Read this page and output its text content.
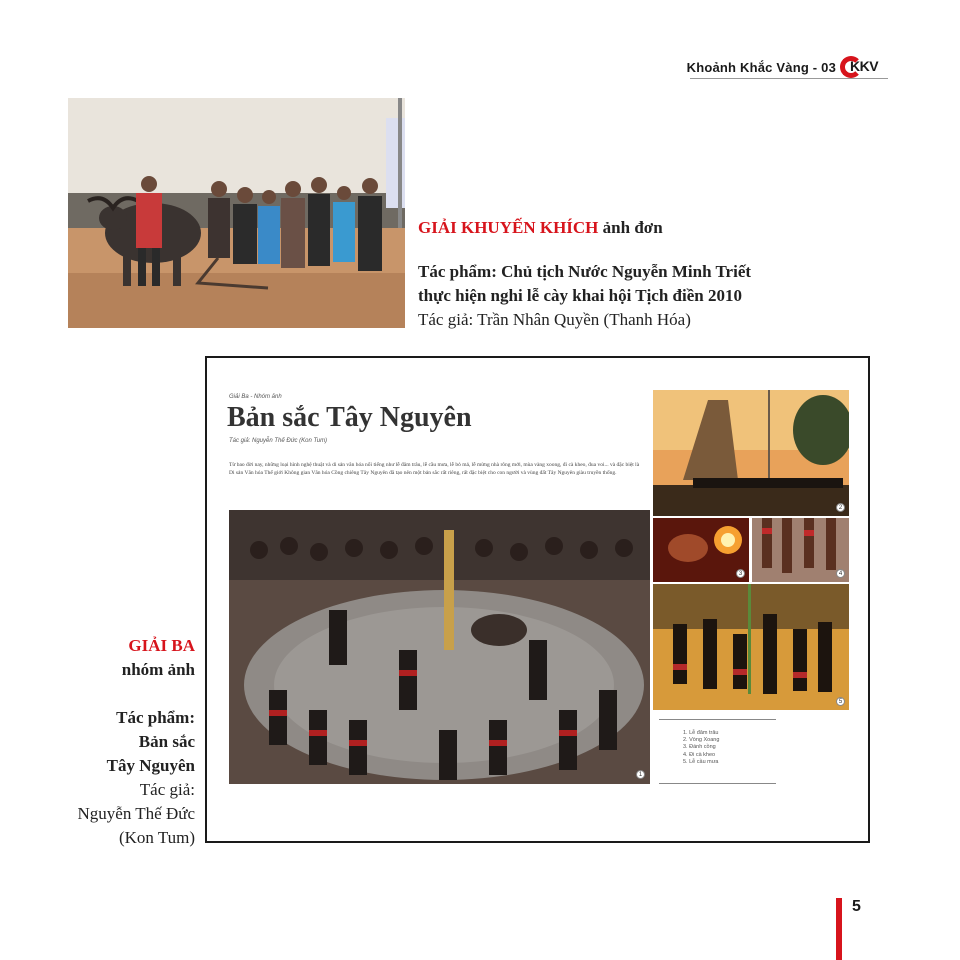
Khoảnh Khắc Vàng - 03 KKV
GIẢI KHUYẾN KHÍCH ảnh đơn
Tác phẩm: Chủ tịch Nước Nguyễn Minh Triết
thực hiện nghi lễ cày khai hội Tịch điền 2010
Tác giả: Trần Nhân Quyền (Thanh Hóa)
GIẢI BA
nhóm ảnh
Tác phẩm:
Bản sắc
Tây Nguyên
Tác giả:
Nguyễn Thế Đức
(Kon Tum)
Giải Ba - Nhóm ảnh
Bản sắc Tây Nguyên
Tác giả: Nguyễn Thế Đức (Kon Tum)
Từ bao đời nay, những loại hình nghệ thuật và di sản văn hóa nổi tiếng như lễ đâm trâu, lễ cầu mưa, lễ bỏ mả, lễ mừng nhà rông mới, mùa vàng xoong, đi cà kheo, đua voi... và đặc biệt là Di sản Văn hóa Thế giới Không gian Văn hóa Cồng chiêng Tây Nguyên đã tạo nên một bản sắc rất riêng, rất đặc biệt cho con người và vùng đất Tây Nguyên giàu truyền thống.
1
2
3	4
5
1. Lễ đâm trâu
2. Vòng Xoang
3. Đánh cồng
4. Đi cà kheo
5. Lễ cầu mưa
5
